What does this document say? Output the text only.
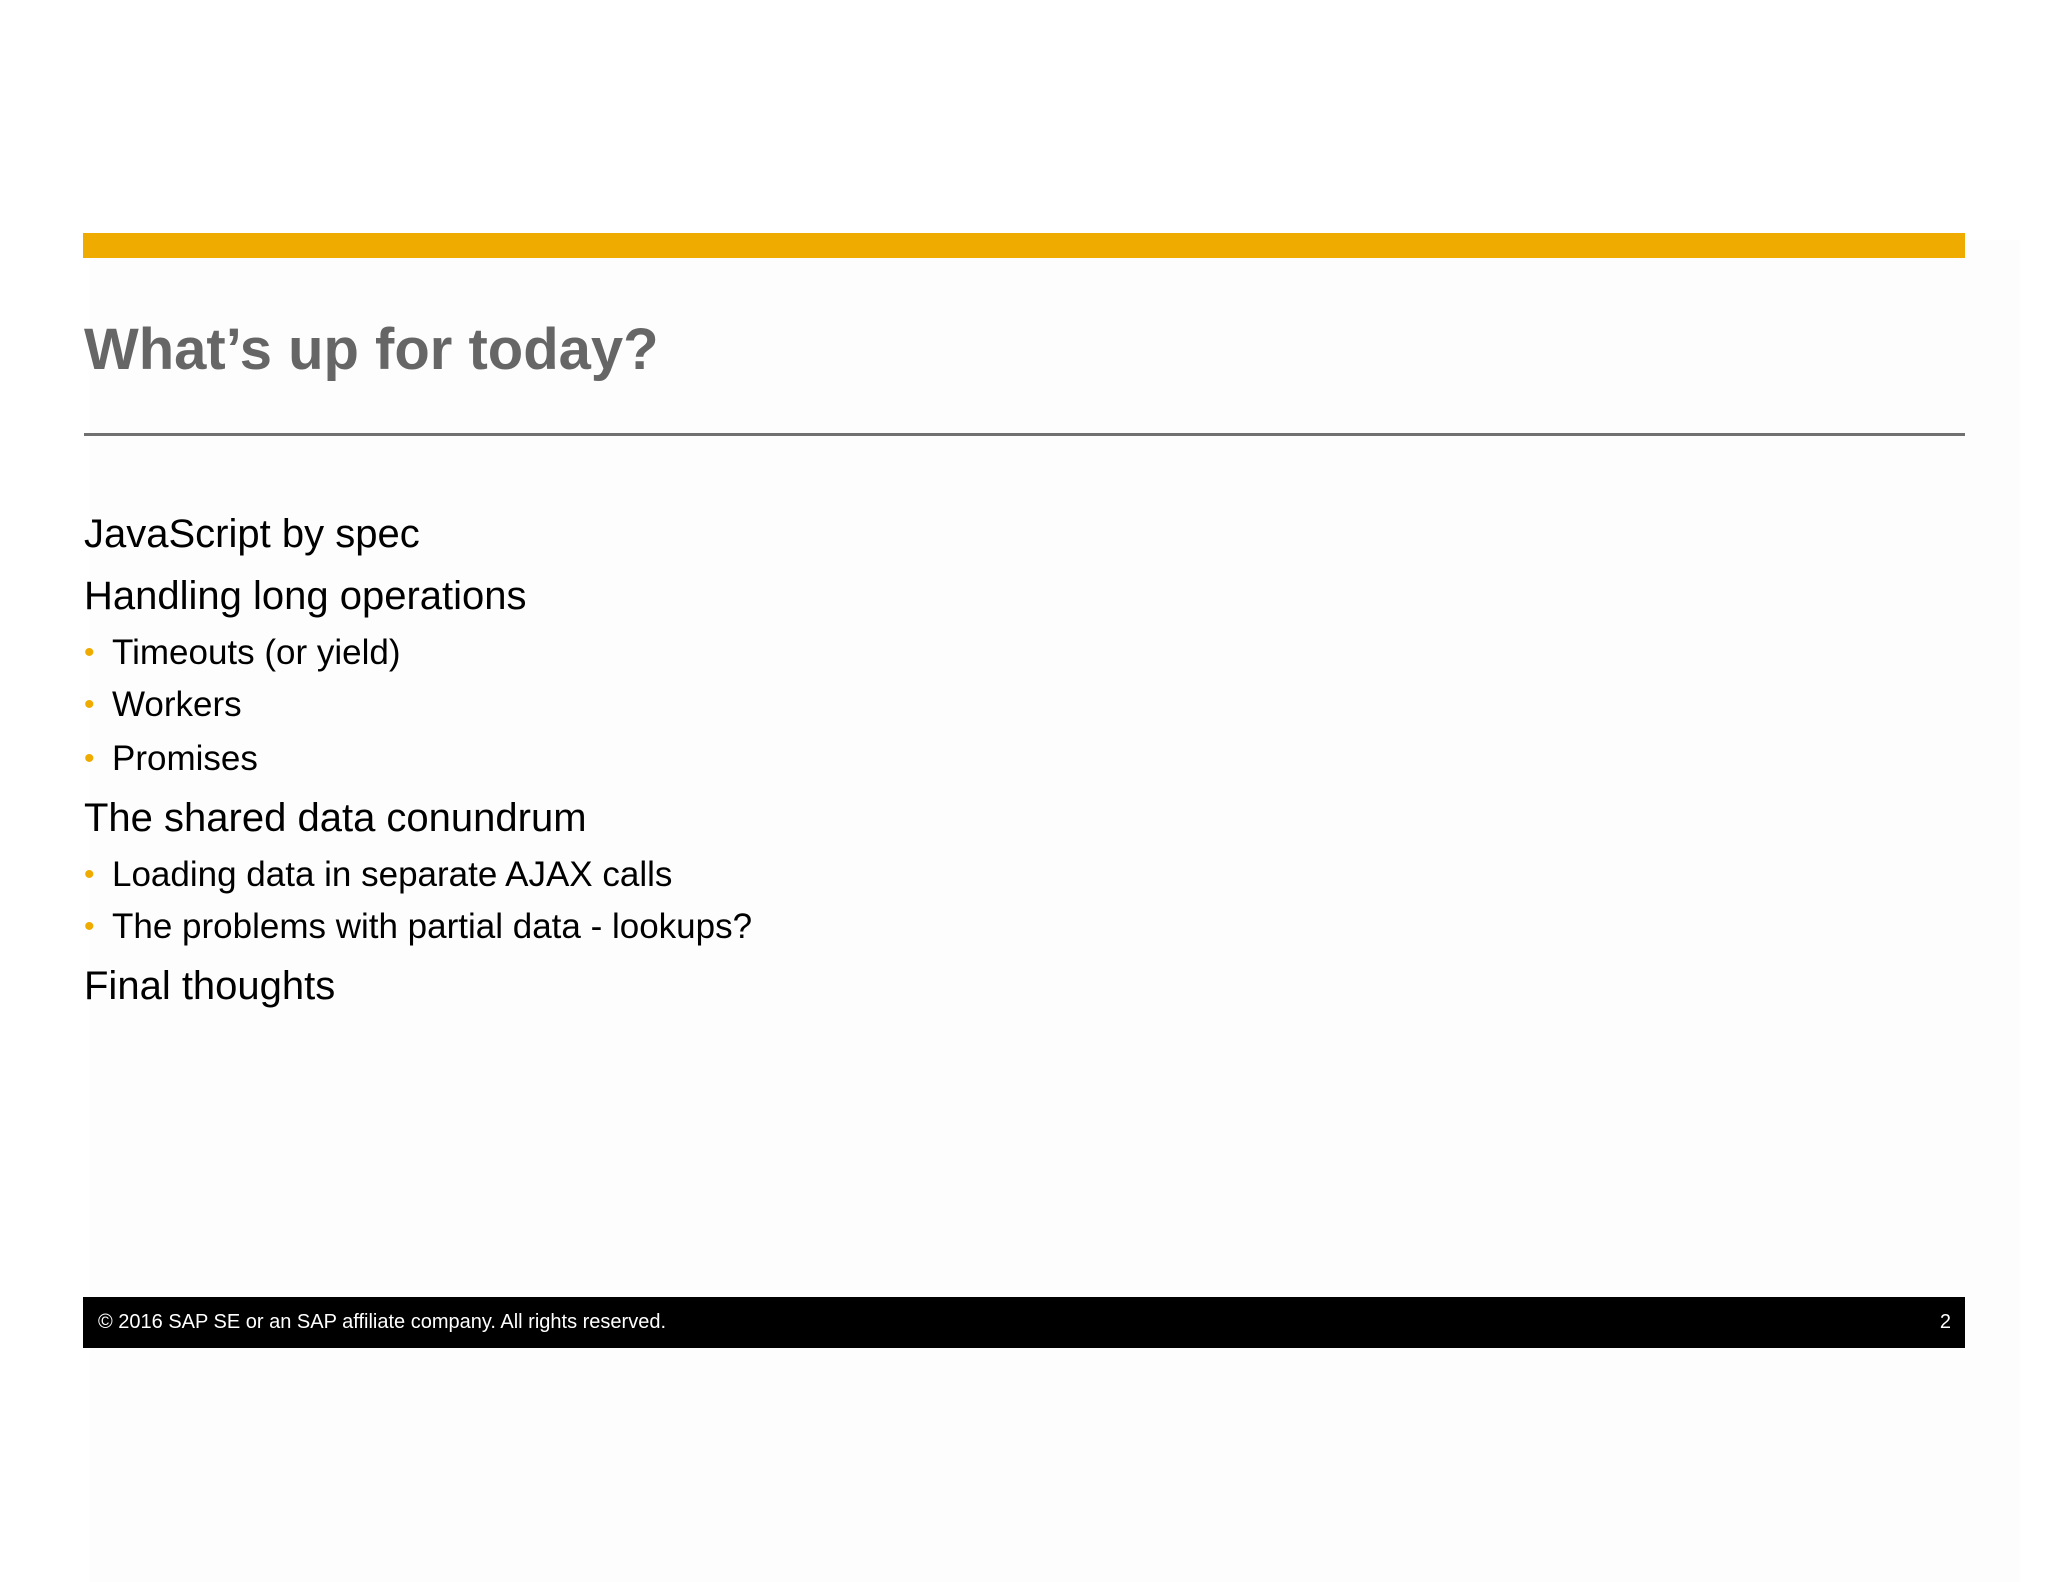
What’s up for today?
JavaScript by spec
Handling long operations
• Timeouts (or yield)
• Workers
• Promises
The shared data conundrum
• Loading data in separate AJAX calls
• The problems with partial data - lookups?
Final thoughts
© 2016 SAP SE or an SAP affiliate company. All rights reserved.	2
